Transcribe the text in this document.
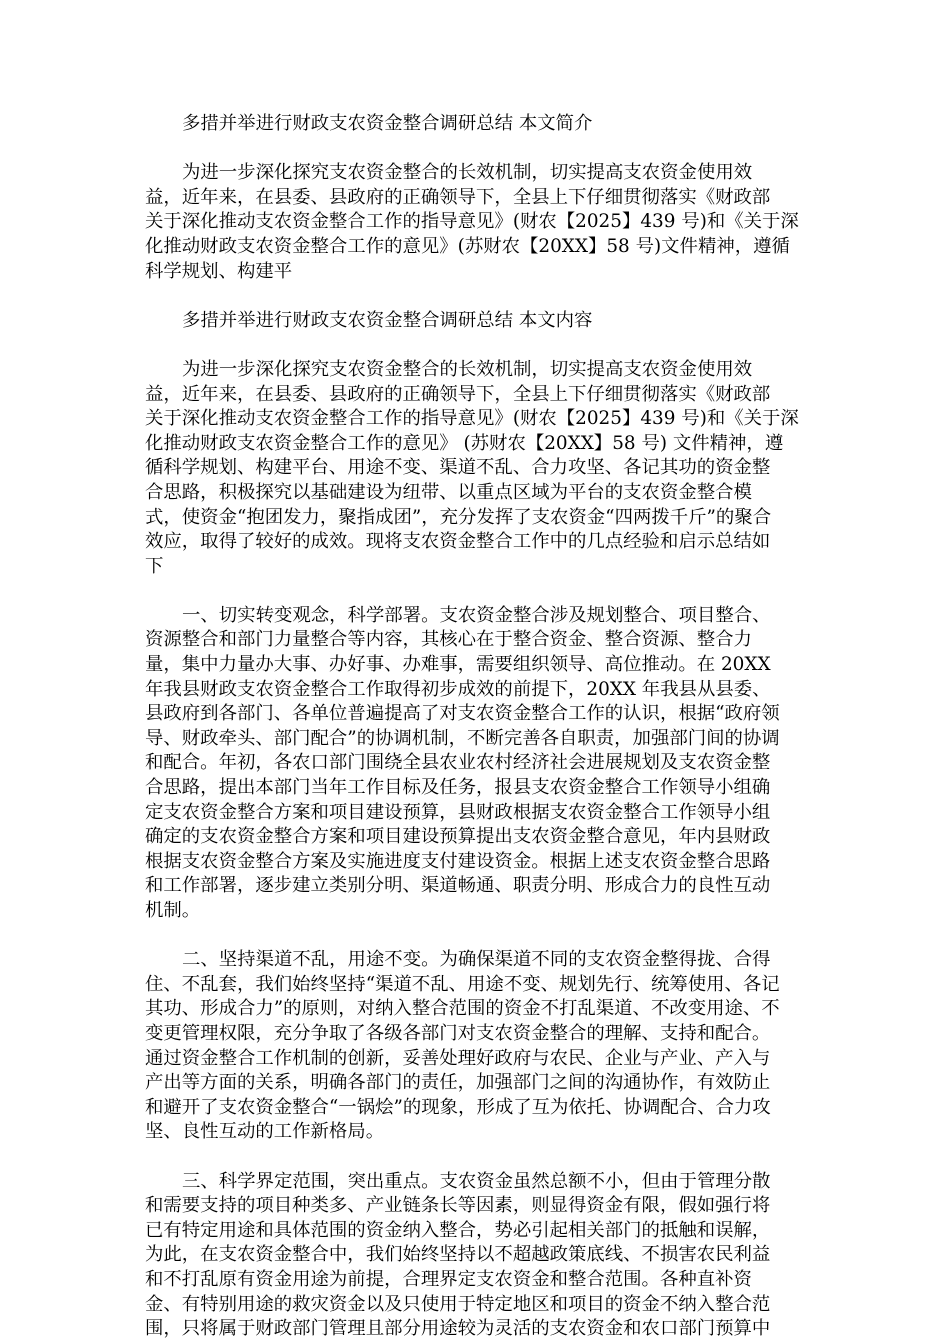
多措并举进行财政支农资金整合调研总结 本文简介
为进一步深化探究支农资金整合的长效机制，切实提高支农资金使用效
益，近年来，在县委、县政府的正确领导下，全县上下仔细贯彻落实《财政部
关于深化推动支农资金整合工作的指导意见》(财农【2025】439 号)和《关于深
化推动财政支农资金整合工作的意见》(苏财农【20XX】58 号)文件精神，遵循
科学规划、构建平
多措并举进行财政支农资金整合调研总结 本文内容
为进一步深化探究支农资金整合的长效机制，切实提高支农资金使用效
益，近年来，在县委、县政府的正确领导下，全县上下仔细贯彻落实《财政部
关于深化推动支农资金整合工作的指导意见》(财农【2025】439 号)和《关于深
化推动财政支农资金整合工作的意见》 (苏财农【20XX】58 号) 文件精神，遵
循科学规划、构建平台、用途不变、渠道不乱、合力攻坚、各记其功的资金整
合思路，积极探究以基础建设为纽带、以重点区域为平台的支农资金整合模
式，使资金“抱团发力，聚指成团”，充分发挥了支农资金“四两拨千斤”的聚合
效应，取得了较好的成效。现将支农资金整合工作中的几点经验和启示总结如
下
一、切实转变观念，科学部署。支农资金整合涉及规划整合、项目整合、
资源整合和部门力量整合等内容，其核心在于整合资金、整合资源、整合力
量，集中力量办大事、办好事、办难事，需要组织领导、高位推动。在 20XX
年我县财政支农资金整合工作取得初步成效的前提下，20XX 年我县从县委、
县政府到各部门、各单位普遍提高了对支农资金整合工作的认识，根据“政府领
导、财政牵头、部门配合”的协调机制，不断完善各自职责，加强部门间的协调
和配合。年初，各农口部门围绕全县农业农村经济社会进展规划及支农资金整
合思路，提出本部门当年工作目标及任务，报县支农资金整合工作领导小组确
定支农资金整合方案和项目建设预算，县财政根据支农资金整合工作领导小组
确定的支农资金整合方案和项目建设预算提出支农资金整合意见，年内县财政
根据支农资金整合方案及实施进度支付建设资金。根据上述支农资金整合思路
和工作部署，逐步建立类别分明、渠道畅通、职责分明、形成合力的良性互动
机制。
二、坚持渠道不乱，用途不变。为确保渠道不同的支农资金整得拢、合得
住、不乱套，我们始终坚持“渠道不乱、用途不变、规划先行、统筹使用、各记
其功、形成合力”的原则，对纳入整合范围的资金不打乱渠道、不改变用途、不
变更管理权限，充分争取了各级各部门对支农资金整合的理解、支持和配合。
通过资金整合工作机制的创新，妥善处理好政府与农民、企业与产业、产入与
产出等方面的关系，明确各部门的责任，加强部门之间的沟通协作，有效防止
和避开了支农资金整合“一锅烩”的现象，形成了互为依托、协调配合、合力攻
坚、良性互动的工作新格局。
三、科学界定范围，突出重点。支农资金虽然总额不小，但由于管理分散
和需要支持的项目种类多、产业链条长等因素，则显得资金有限，假如强行将
已有特定用途和具体范围的资金纳入整合，势必引起相关部门的抵触和误解，
为此，在支农资金整合中，我们始终坚持以不超越政策底线、不损害农民利益
和不打乱原有资金用途为前提，合理界定支农资金和整合范围。各种直补资
金、有特别用途的救灾资金以及只使用于特定地区和项目的资金不纳入整合范
围，只将属于财政部门管理且部分用途较为灵活的支农资金和农口部门预算中
